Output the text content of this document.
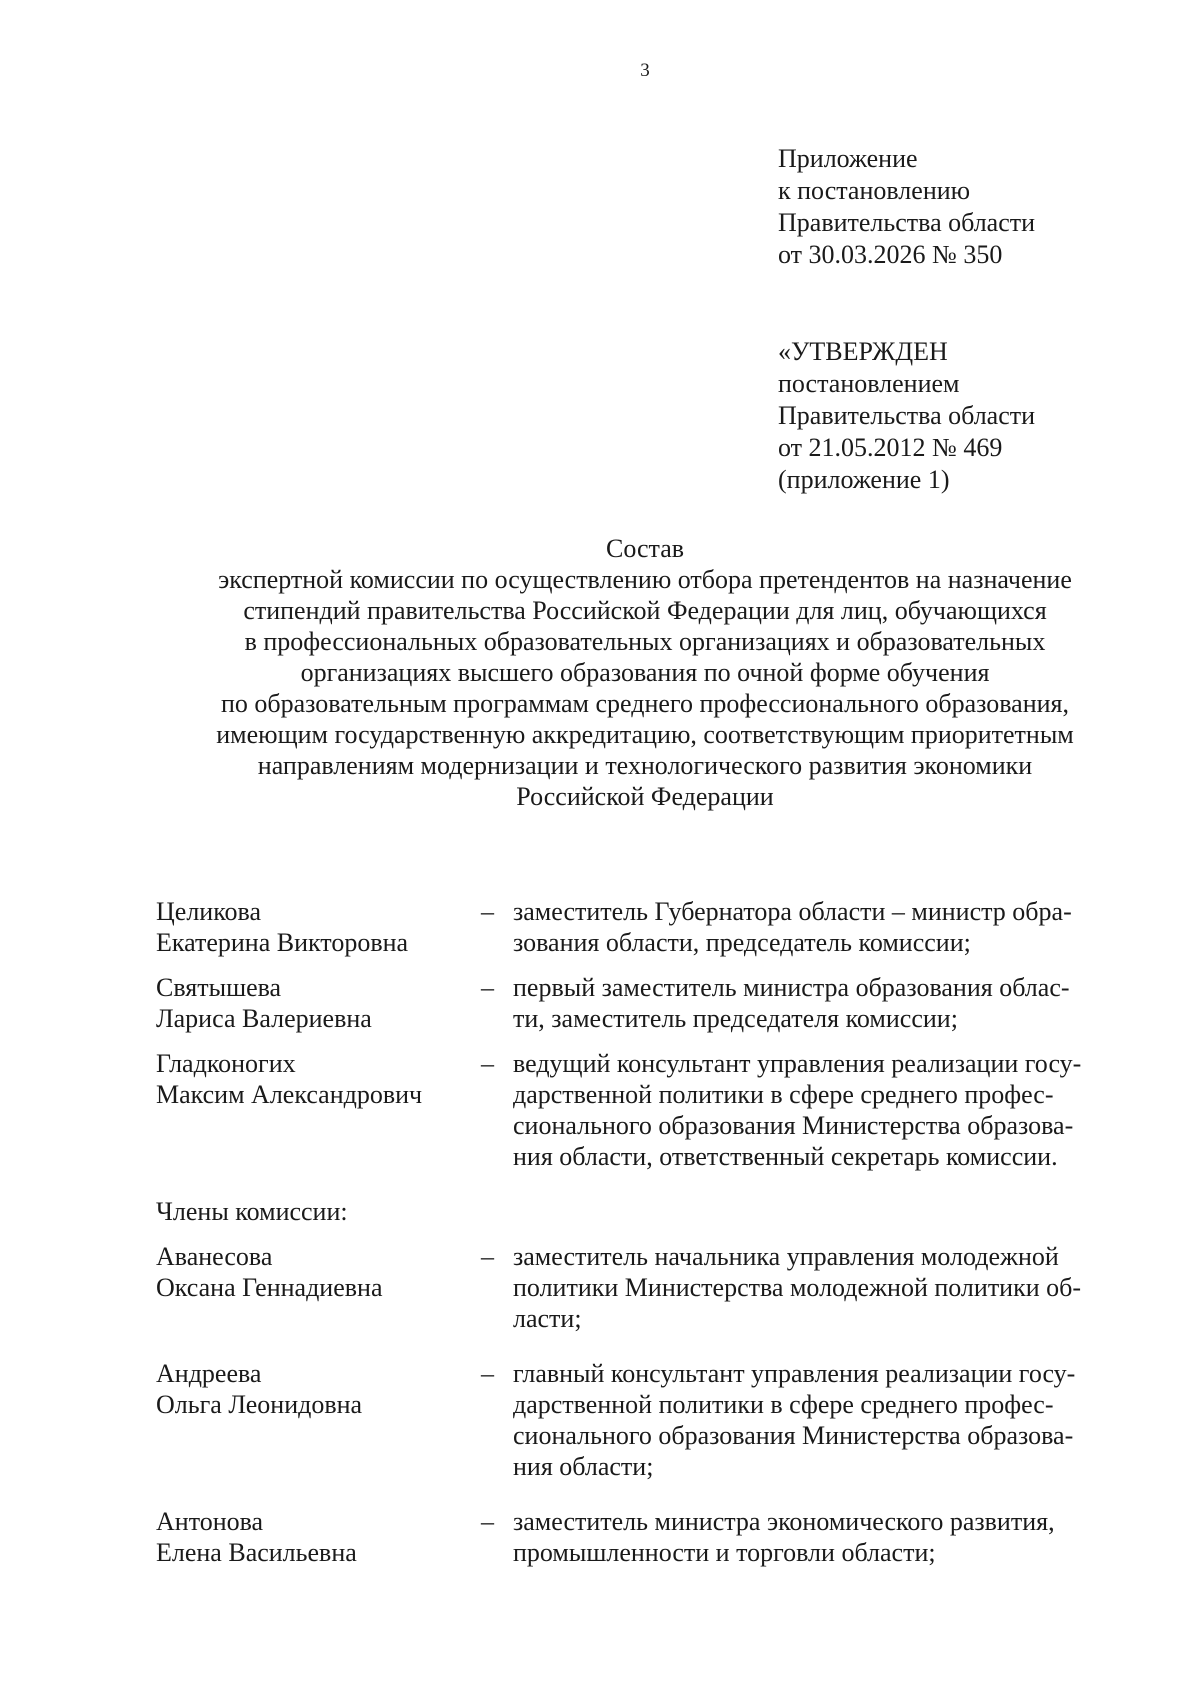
3
Приложение
к постановлению
Правительства области
от 30.03.2026 № 350
«УТВЕРЖДЕН
постановлением
Правительства области
от 21.05.2012 № 469
(приложение 1)
Состав
экспертной комиссии по осуществлению отбора претендентов на назначение
стипендий правительства Российской Федерации для лиц, обучающихся
в профессиональных образовательных организациях и образовательных
организациях высшего образования по очной форме обучения
по образовательным программам среднего профессионального образования,
имеющим государственную аккредитацию, соответствующим приоритетным
направлениям модернизации и технологического развития экономики
Российской Федерации
Целикова
Екатерина Викторовна
– заместитель Губернатора области – министр обра-
зования области, председатель комиссии;
Святышева
Лариса Валериевна
– первый заместитель министра образования облас-
ти, заместитель председателя комиссии;
Гладконогих
Максим Александрович
– ведущий консультант управления реализации госу-
дарственной политики в сфере среднего профес-
сионального образования Министерства образова-
ния области, ответственный секретарь комиссии.
Члены комиссии:
Аванесова
Оксана Геннадиевна
– заместитель начальника управления молодежной
политики Министерства молодежной политики об-
ласти;
Андреева
Ольга Леонидовна
– главный консультант управления реализации госу-
дарственной политики в сфере среднего профес-
сионального образования Министерства образова-
ния области;
Антонова
Елена Васильевна
– заместитель министра экономического развития,
промышленности и торговли области;
